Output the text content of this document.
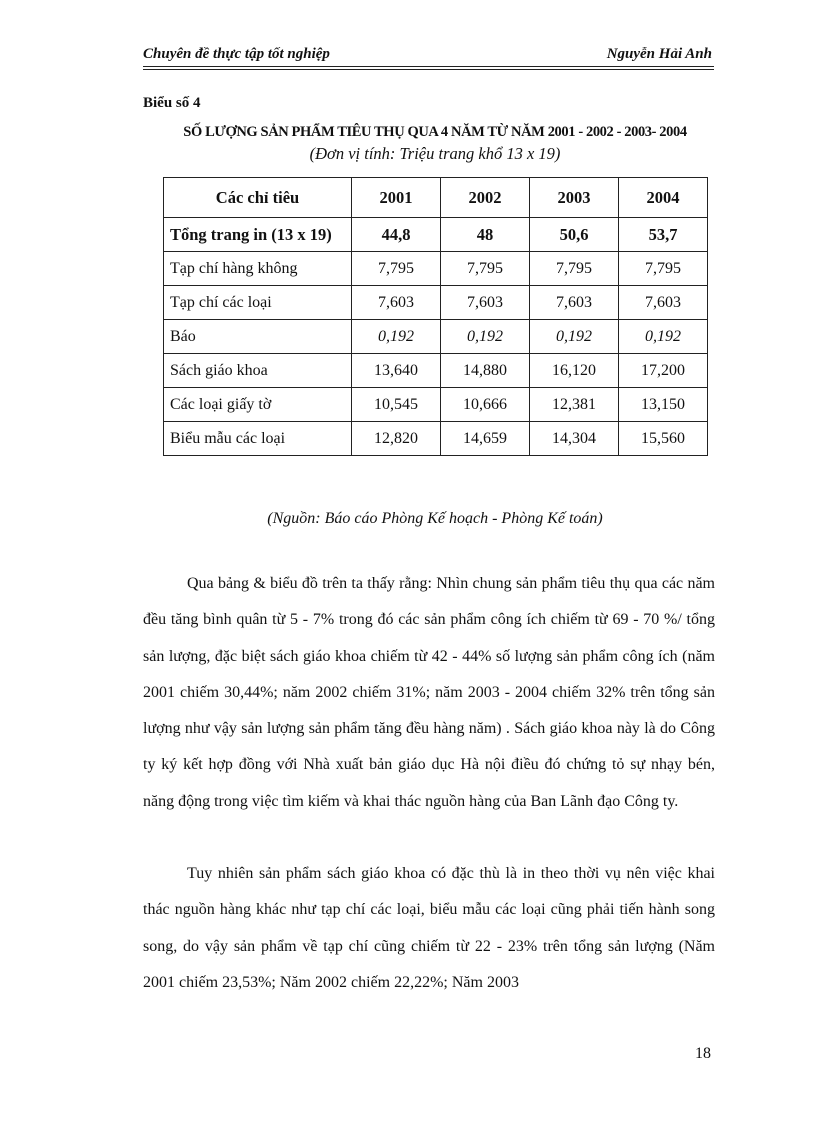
Chuyên đề thực tập tốt nghiệp	Nguyễn Hải Anh
Biểu số 4
SỐ LƯỢNG SẢN PHẨM TIÊU THỤ QUA 4 NĂM TỪ NĂM 2001 - 2002 - 2003- 2004
(Đơn vị tính: Triệu trang khổ 13 x 19)
Các chỉ tiêu	2001	2002	2003	2004
Tổng trang in (13 x 19)	44,8	48	50,6	53,7
Tạp chí hàng không	7,795	7,795	7,795	7,795
Tạp chí các loại	7,603	7,603	7,603	7,603
Báo	0,192	0,192	0,192	0,192
Sách giáo khoa	13,640	14,880	16,120	17,200
Các loại giấy tờ	10,545	10,666	12,381	13,150
Biểu mẫu các loại	12,820	14,659	14,304	15,560
(Nguồn: Báo cáo Phòng Kế hoạch - Phòng Kế toán)

Qua bảng & biểu đồ trên ta thấy rằng: Nhìn chung sản phẩm tiêu thụ qua các năm đều tăng bình quân từ 5 - 7% trong đó các sản phẩm công ích chiếm từ 69 - 70 %/ tổng sản lượng, đặc biệt sách giáo khoa chiếm từ 42 - 44% số lượng sản phẩm công ích (năm 2001 chiếm 30,44%; năm 2002 chiếm 31%; năm 2003 - 2004 chiếm 32% trên tổng sản lượng như vậy sản lượng sản phẩm tăng đều hàng năm) . Sách giáo khoa này là do Công ty ký kết hợp đồng với Nhà xuất bản giáo dục Hà nội điều đó chứng tỏ sự nhạy bén, năng động trong việc tìm kiếm và khai thác nguồn hàng của Ban Lãnh đạo Công ty.

Tuy nhiên sản phẩm sách giáo khoa có đặc thù là in theo thời vụ nên việc khai thác nguồn hàng khác như tạp chí các loại, biểu mẫu các loại cũng phải tiến hành song song, do vậy sản phẩm về tạp chí cũng chiếm từ 22 - 23% trên tổng sản lượng (Năm 2001 chiếm 23,53%; Năm 2002 chiếm 22,22%; Năm 2003

18
